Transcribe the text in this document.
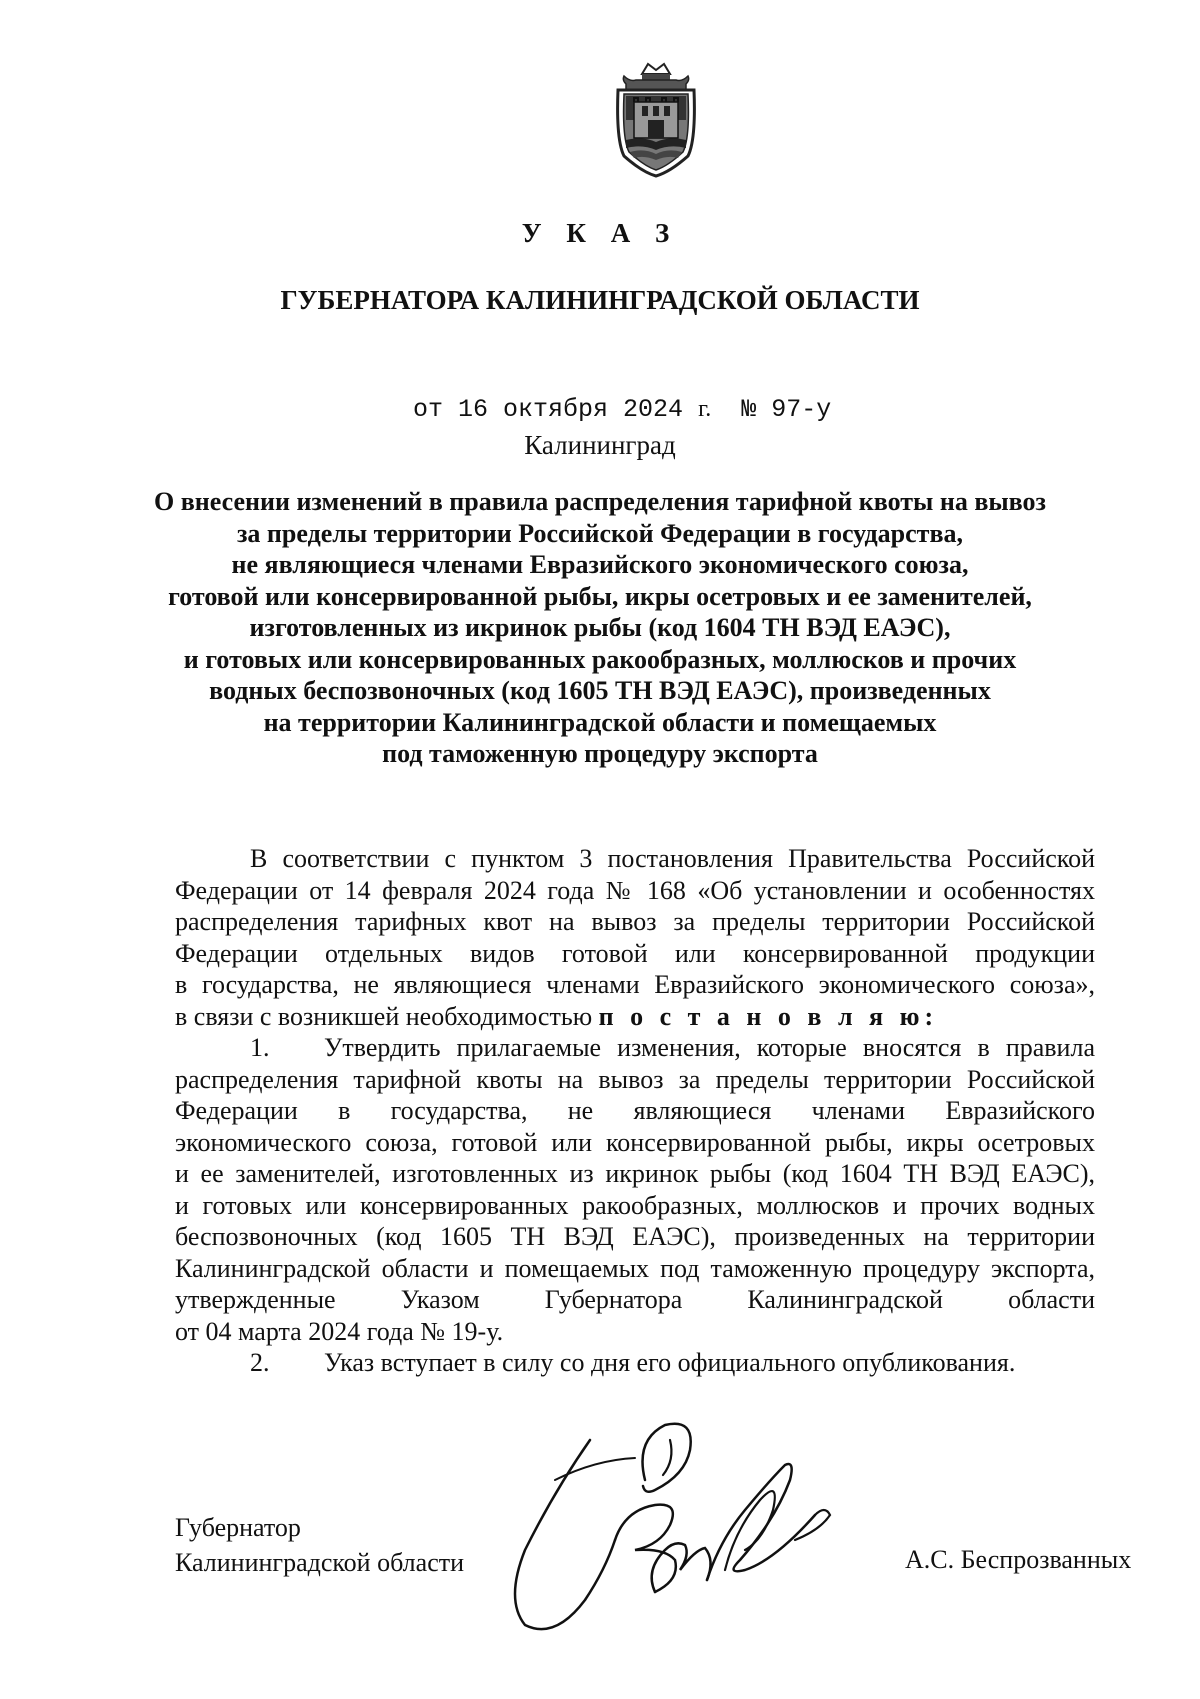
У К А З
ГУБЕРНАТОРА КАЛИНИНГРАДСКОЙ ОБЛАСТИ
от 16 октября 2024 г. № 97-у
Калининград
О внесении изменений в правила распределения тарифной квоты на вывоз
за пределы территории Российской Федерации в государства,
не являющиеся членами Евразийского экономического союза,
готовой или консервированной рыбы, икры осетровых и ее заменителей,
изготовленных из икринок рыбы (код 1604 ТН ВЭД ЕАЭС),
и готовых или консервированных ракообразных, моллюсков и прочих
водных беспозвоночных (код 1605 ТН ВЭД ЕАЭС), произведенных
на территории Калининградской области и помещаемых
под таможенную процедуру экспорта
В соответствии с пунктом 3 постановления Правительства Российской
Федерации от 14 февраля 2024 года № 168 «Об установлении и особенностях
распределения тарифных квот на вывоз за пределы территории Российской
Федерации отдельных видов готовой или консервированной продукции
в государства, не являющиеся членами Евразийского экономического союза»,
в связи с возникшей необходимостью п о с т а н о в л я ю:
1. Утвердить прилагаемые изменения, которые вносятся в правила
распределения тарифной квоты на вывоз за пределы территории Российской
Федерации в государства, не являющиеся членами Евразийского
экономического союза, готовой или консервированной рыбы, икры осетровых
и ее заменителей, изготовленных из икринок рыбы (код 1604 ТН ВЭД ЕАЭС),
и готовых или консервированных ракообразных, моллюсков и прочих водных
беспозвоночных (код 1605 ТН ВЭД ЕАЭС), произведенных на территории
Калининградской области и помещаемых под таможенную процедуру экспорта,
утвержденные Указом Губернатора Калининградской области
от 04 марта 2024 года № 19-у.
2. Указ вступает в силу со дня его официального опубликования.
Губернатор
Калининградской области	А.С. Беспрозванных
